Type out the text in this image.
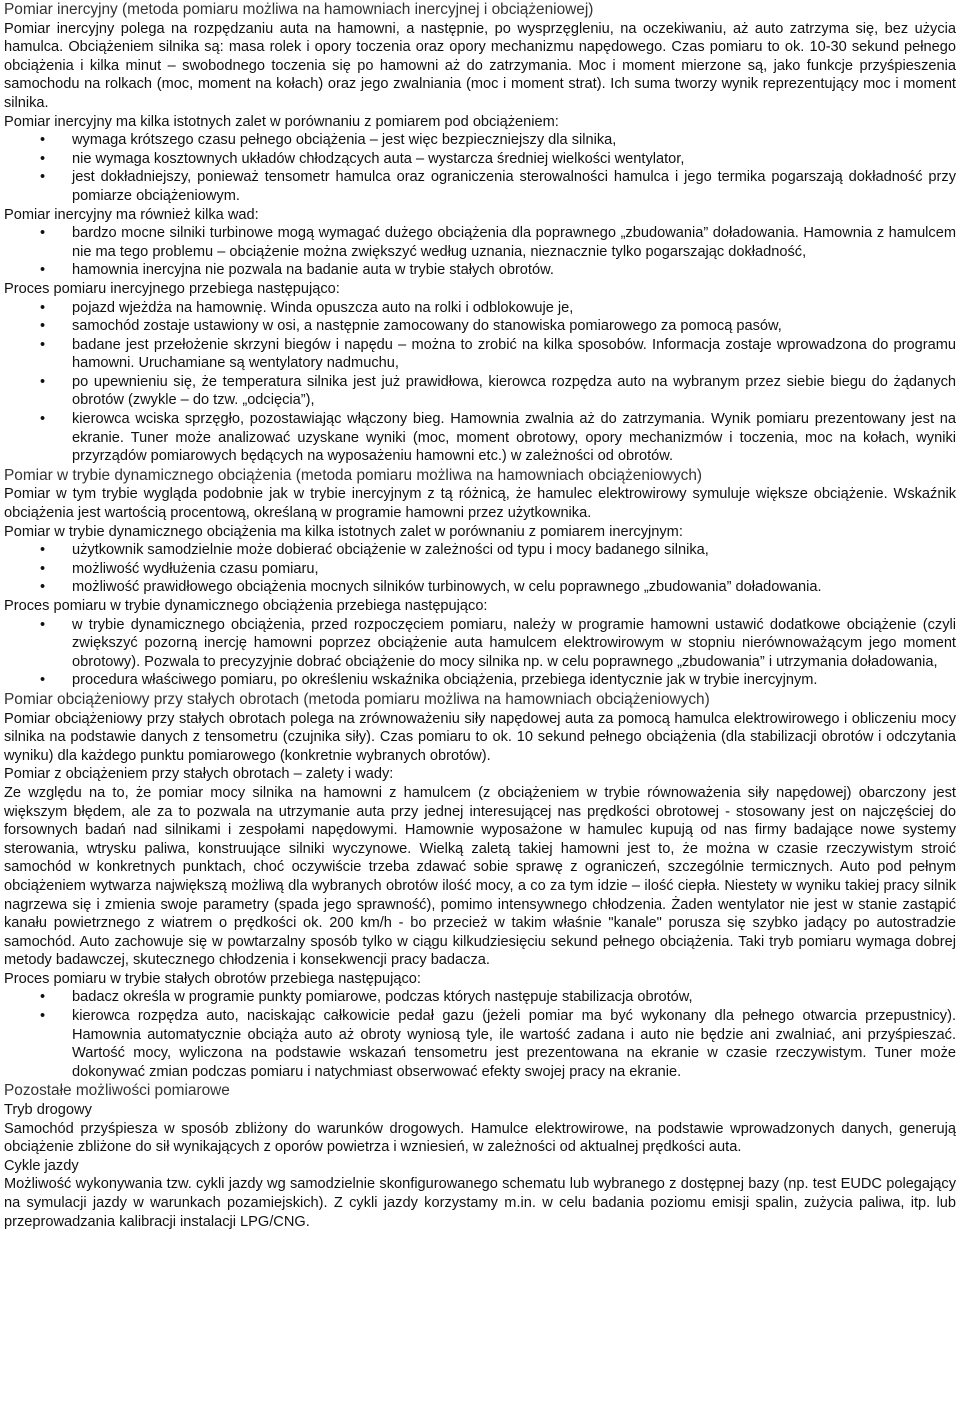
Pomiar inercyjny (metoda pomiaru możliwa na hamowniach inercyjnej i obciążeniowej)

Pomiar inercyjny polega na rozpędzaniu auta na hamowni, a następnie, po wysprzęgleniu, na oczekiwaniu, aż auto zatrzyma się, bez użycia hamulca. Obciążeniem silnika są: masa rolek i opory toczenia oraz opory mechanizmu napędowego. Czas pomiaru to ok. 10-30 sekund pełnego obciążenia i kilka minut – swobodnego toczenia się po hamowni aż do zatrzymania. Moc i moment mierzone są, jako funkcje przyśpieszenia samochodu na rolkach (moc, moment na kołach) oraz jego zwalniania (moc i moment strat). Ich suma tworzy wynik reprezentujący moc i moment silnika.

Pomiar inercyjny ma kilka istotnych zalet w porównaniu z pomiarem pod obciążeniem:

• wymaga krótszego czasu pełnego obciążenia – jest więc bezpieczniejszy dla silnika,
• nie wymaga kosztownych układów chłodzących auta – wystarcza średniej wielkości wentylator,
• jest dokładniejszy, ponieważ tensometr hamulca oraz ograniczenia sterowalności hamulca i jego termika pogarszają dokładność przy pomiarze obciążeniowym.

Pomiar inercyjny ma również kilka wad:

• bardzo mocne silniki turbinowe mogą wymagać dużego obciążenia dla poprawnego „zbudowania” doładowania. Hamownia z hamulcem nie ma tego problemu – obciążenie można zwiększyć według uznania, nieznacznie tylko pogarszając dokładność,
• hamownia inercyjna nie pozwala na badanie auta w trybie stałych obrotów.

Proces pomiaru inercyjnego przebiega następująco:

• pojazd wjeżdża na hamownię. Winda opuszcza auto na rolki i odblokowuje je,
• samochód zostaje ustawiony w osi, a następnie zamocowany do stanowiska pomiarowego za pomocą pasów,
• badane jest przełożenie skrzyni biegów i napędu – można to zrobić na kilka sposobów. Informacja zostaje wprowadzona do programu hamowni. Uruchamiane są wentylatory nadmuchu,
• po upewnieniu się, że temperatura silnika jest już prawidłowa, kierowca rozpędza auto na wybranym przez siebie biegu do żądanych obrotów (zwykle – do tzw. „odcięcia”),
• kierowca wciska sprzęgło, pozostawiając włączony bieg. Hamownia zwalnia aż do zatrzymania. Wynik pomiaru prezentowany jest na ekranie. Tuner może analizować uzyskane wyniki (moc, moment obrotowy, opory mechanizmów i toczenia, moc na kołach, wyniki przyrządów pomiarowych będących na wyposażeniu hamowni etc.) w zależności od obrotów.
Pomiar w trybie dynamicznego obciążenia (metoda pomiaru możliwa na hamowniach obciążeniowych)

Pomiar w tym trybie wygląda podobnie jak w trybie inercyjnym z tą różnicą, że hamulec elektrowirowy symuluje większe obciążenie. Wskaźnik obciążenia jest wartością procentową, określaną w programie hamowni przez użytkownika.

Pomiar w trybie dynamicznego obciążenia ma kilka istotnych zalet w porównaniu z pomiarem inercyjnym:

• użytkownik samodzielnie może dobierać obciążenie w zależności od typu i mocy badanego silnika,
• możliwość wydłużenia czasu pomiaru,
• możliwość prawidłowego obciążenia mocnych silników turbinowych, w celu poprawnego „zbudowania” doładowania.

Proces pomiaru w trybie dynamicznego obciążenia przebiega następująco:

• w trybie dynamicznego obciążenia, przed rozpoczęciem pomiaru, należy w programie hamowni ustawić dodatkowe obciążenie (czyli zwiększyć pozorną inercję hamowni poprzez obciążenie auta hamulcem elektrowirowym w stopniu nierównoważącym jego moment obrotowy). Pozwala to precyzyjnie dobrać obciążenie do mocy silnika np. w celu poprawnego „zbudowania” i utrzymania doładowania,
• procedura właściwego pomiaru, po określeniu wskaźnika obciążenia, przebiega identycznie jak w trybie inercyjnym.
Pomiar obciążeniowy przy stałych obrotach (metoda pomiaru możliwa na hamowniach obciążeniowych)

Pomiar obciążeniowy przy stałych obrotach polega na zrównoważeniu siły napędowej auta za pomocą hamulca elektrowirowego i obliczeniu mocy silnika na podstawie danych z tensometru (czujnika siły). Czas pomiaru to ok. 10 sekund pełnego obciążenia (dla stabilizacji obrotów i odczytania wyniku) dla każdego punktu pomiarowego (konkretnie wybranych obrotów).

Pomiar z obciążeniem przy stałych obrotach – zalety i wady:

Ze względu na to, że pomiar mocy silnika na hamowni z hamulcem (z obciążeniem w trybie równoważenia siły napędowej) obarczony jest większym błędem, ale za to pozwala na utrzymanie auta przy jednej interesującej nas prędkości obrotowej - stosowany jest on najczęściej do forsownych badań nad silnikami i zespołami napędowymi. Hamownie wyposażone w hamulec kupują od nas firmy badające nowe systemy sterowania, wtrysku paliwa, konstruujące silniki wyczynowe. Wielką zaletą takiej hamowni jest to, że można w czasie rzeczywistym stroić samochód w konkretnych punktach, choć oczywiście trzeba zdawać sobie sprawę z ograniczeń, szczególnie termicznych. Auto pod pełnym obciążeniem wytwarza największą możliwą dla wybranych obrotów ilość mocy, a co za tym idzie – ilość ciepła. Niestety w wyniku takiej pracy silnik nagrzewa się i zmienia swoje parametry (spada jego sprawność), pomimo intensywnego chłodzenia. Żaden wentylator nie jest w stanie zastąpić kanału powietrznego z wiatrem o prędkości ok. 200 km/h - bo przecież w takim właśnie "kanale" porusza się szybko jadący po autostradzie samochód. Auto zachowuje się w powtarzalny sposób tylko w ciągu kilkudziesięciu sekund pełnego obciążenia. Taki tryb pomiaru wymaga dobrej metody badawczej, skutecznego chłodzenia i konsekwencji pracy badacza.

Proces pomiaru w trybie stałych obrotów przebiega następująco:

• badacz określa w programie punkty pomiarowe, podczas których następuje stabilizacja obrotów,
• kierowca rozpędza auto, naciskając całkowicie pedał gazu (jeżeli pomiar ma być wykonany dla pełnego otwarcia przepustnicy). Hamownia automatycznie obciąża auto aż obroty wyniosą tyle, ile wartość zadana i auto nie będzie ani zwalniać, ani przyśpieszać. Wartość mocy, wyliczona na podstawie wskazań tensometru jest prezentowana na ekranie w czasie rzeczywistym. Tuner może dokonywać zmian podczas pomiaru i natychmiast obserwować efekty swojej pracy na ekranie.
Pozostałe możliwości pomiarowe

Tryb drogowy

Samochód przyśpiesza w sposób zbliżony do warunków drogowych. Hamulce elektrowirowe, na podstawie wprowadzonych danych, generują obciążenie zbliżone do sił wynikających z oporów powietrza i wzniesień, w zależności od aktualnej prędkości auta.

Cykle jazdy

Możliwość wykonywania tzw. cykli jazdy wg samodzielnie skonfigurowanego schematu lub wybranego z dostępnej bazy (np. test EUDC polegający na symulacji jazdy w warunkach pozamiejskich). Z cykli jazdy korzystamy m.in. w celu badania poziomu emisji spalin, zużycia paliwa, itp. lub przeprowadzania kalibracji instalacji LPG/CNG.
